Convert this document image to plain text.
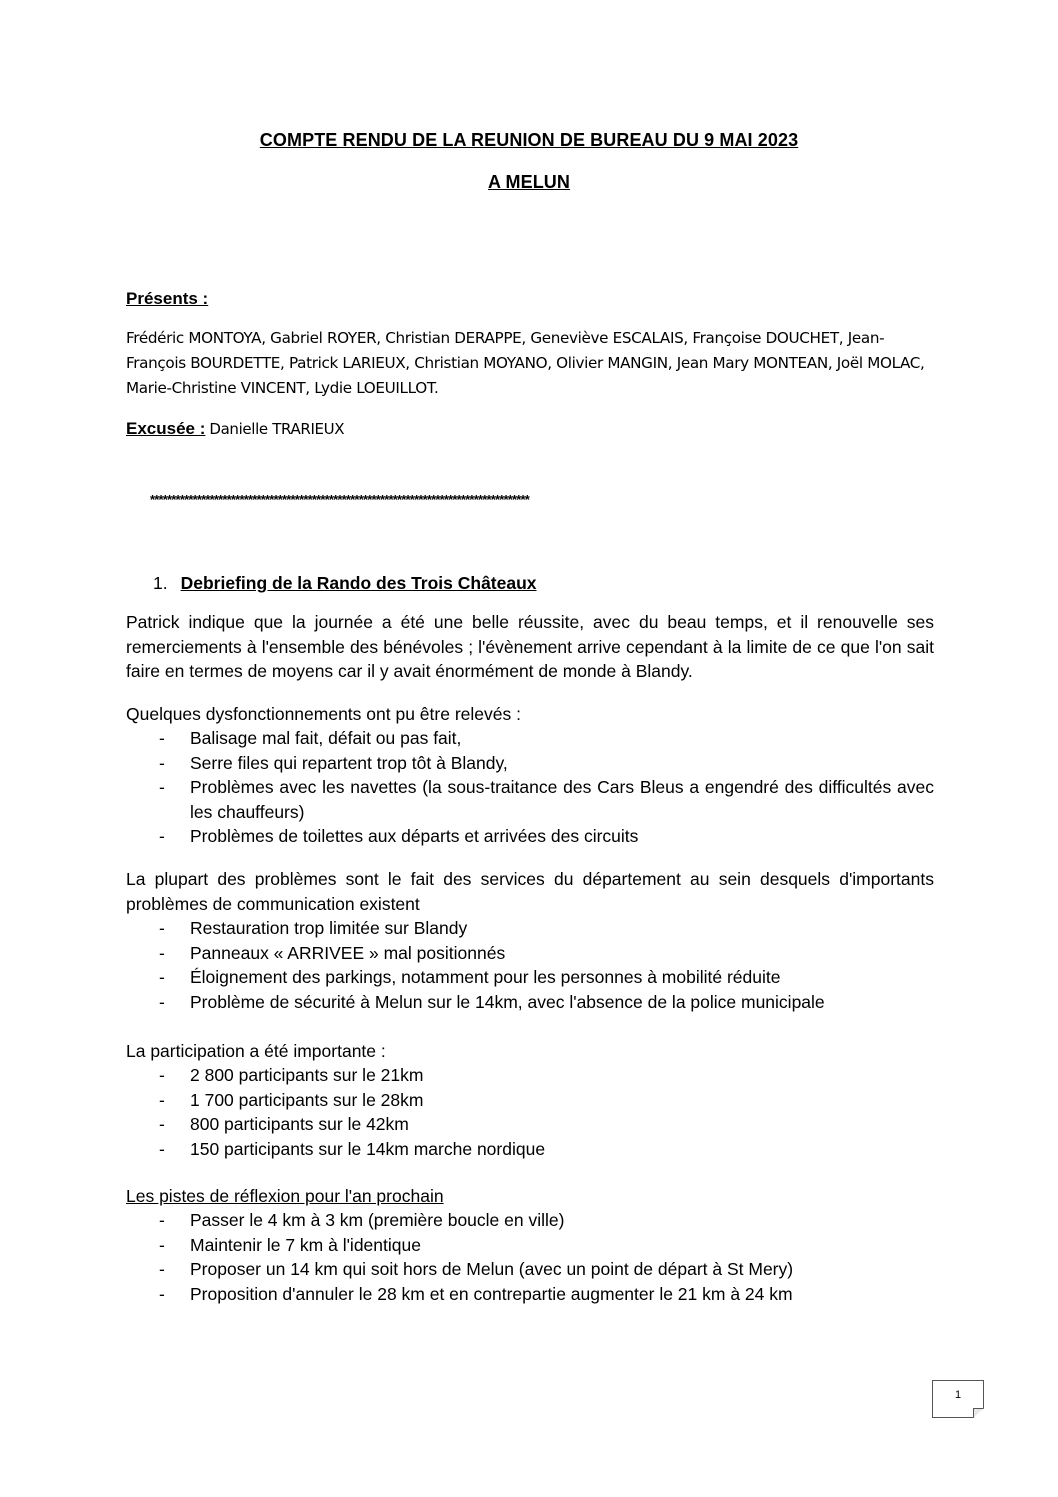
COMPTE RENDU DE LA REUNION DE BUREAU DU 9 MAI 2023
A MELUN
Présents :
Frédéric MONTOYA, Gabriel ROYER, Christian DERAPPE, Geneviève ESCALAIS, Françoise DOUCHET, Jean-François BOURDETTE, Patrick LARIEUX, Christian MOYANO, Olivier MANGIN, Jean Mary MONTEAN, Joël MOLAC, Marie-Christine VINCENT, Lydie LOEUILLOT.
Excusée : Danielle TRARIEUX
*****************************************************************************************
1. Debriefing de la Rando des Trois Châteaux

Patrick indique que la journée a été une belle réussite, avec du beau temps, et il renouvelle ses remerciements à l'ensemble des bénévoles ; l'évènement arrive cependant à la limite de ce que l'on sait faire en termes de moyens car il y avait énormément de monde à Blandy.

Quelques dysfonctionnements ont pu être relevés :

- Balisage mal fait, défait ou pas fait,
- Serre files qui repartent trop tôt à Blandy,
- Problèmes avec les navettes (la sous-traitance des Cars Bleus a engendré des difficultés avec les chauffeurs)
- Problèmes de toilettes aux départs et arrivées des circuits

La plupart des problèmes sont le fait des services du département au sein desquels d'importants problèmes de communication existent

- Restauration trop limitée sur Blandy
- Panneaux « ARRIVEE » mal positionnés
- Éloignement des parkings, notamment pour les personnes à mobilité réduite
- Problème de sécurité à Melun sur le 14km, avec l'absence de la police municipale

La participation a été importante :

- 2 800 participants sur le 21km
- 1 700 participants sur le 28km
- 800 participants sur le 42km
- 150 participants sur le 14km marche nordique

Les pistes de réflexion pour l'an prochain

- Passer le 4 km à 3 km (première boucle en ville)
- Maintenir le 7 km à l'identique
- Proposer un 14 km qui soit hors de Melun (avec un point de départ à St Mery)
- Proposition d'annuler le 28 km et en contrepartie augmenter le 21 km à 24 km
1
